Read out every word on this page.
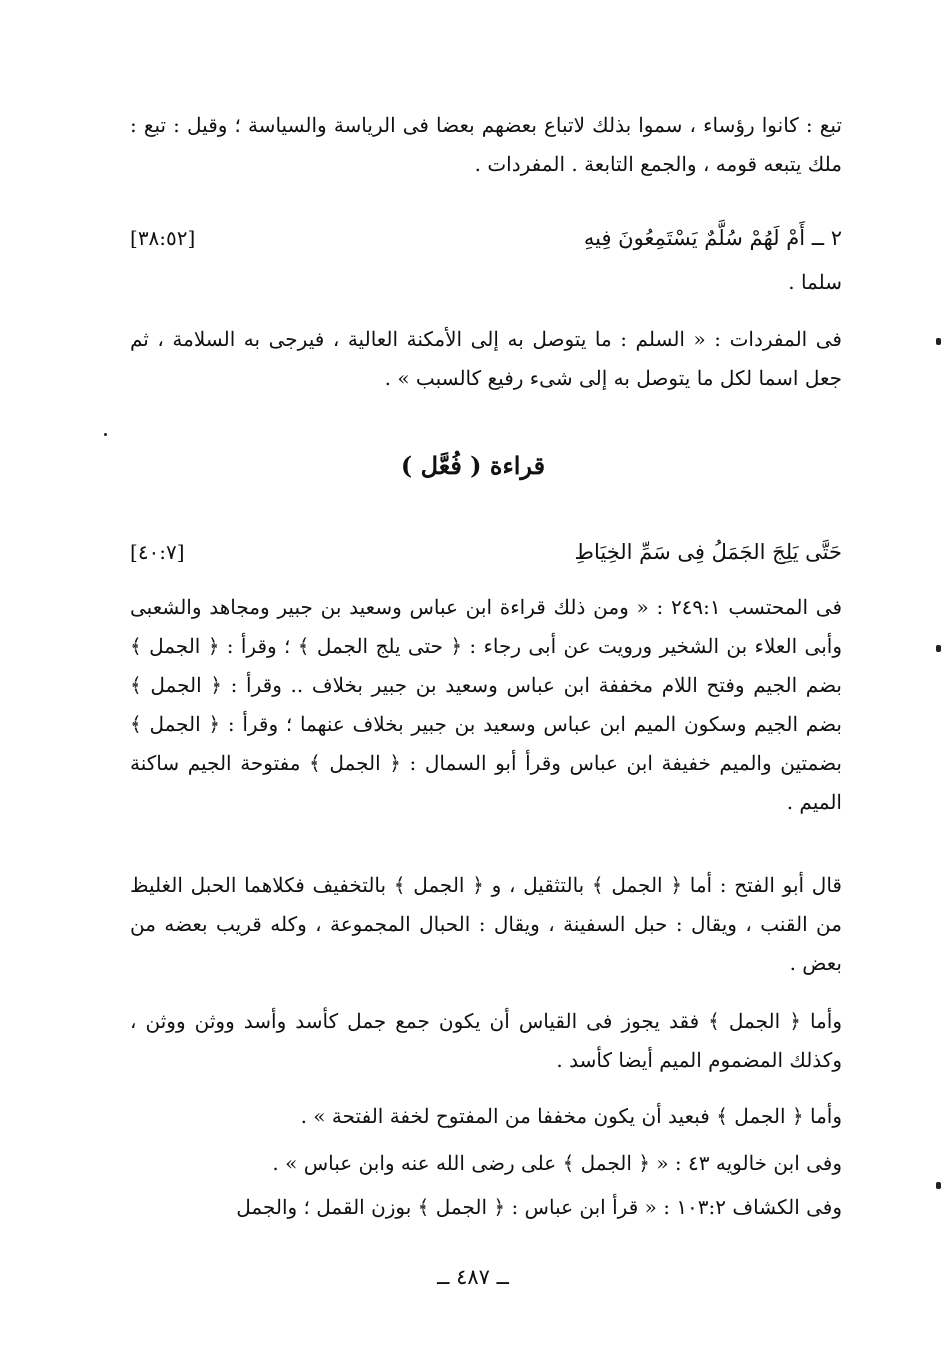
تبع : كانوا رؤساء ، سموا بذلك لاتباع بعضهم بعضا فى الرياسة والسياسة ؛ وقيل : تبع : ملك يتبعه قومه ، والجمع التابعة . المفردات .
٢ ــ أَمْ لَهُمْ سُلَّمٌ يَسْتَمِعُونَ فِيهِ
[٣٨:٥٢]
سلما .
فى المفردات : « السلم : ما يتوصل به إلى الأمكنة العالية ، فيرجى به السلامة ، ثم جعل اسما لكل ما يتوصل به إلى شىء رفيع كالسبب » .
قراءة ( فُعَّل )
حَتَّى يَلِجَ الجَمَلُ فِى سَمِّ الخِيَاطِ
[٤٠:٧]
فى المحتسب ٢٤٩:١ : « ومن ذلك قراءة ابن عباس وسعيد بن جبير ومجاهد والشعبى وأبى العلاء بن الشخير ورويت عن أبى رجاء : ﴿ حتى يلج الجمل ﴾ ؛ وقرأ : ﴿ الجمل ﴾ بضم الجيم وفتح اللام مخففة ابن عباس وسعيد بن جبير بخلاف .. وقرأ : ﴿ الجمل ﴾ بضم الجيم وسكون الميم ابن عباس وسعيد بن جبير بخلاف عنهما ؛ وقرأ : ﴿ الجمل ﴾ بضمتين والميم خفيفة ابن عباس وقرأ أبو السمال : ﴿ الجمل ﴾ مفتوحة الجيم ساكنة الميم .
قال أبو الفتح : أما ﴿ الجمل ﴾ بالتثقيل ، و ﴿ الجمل ﴾ بالتخفيف فكلاهما الحبل الغليظ من القنب ، ويقال : حبل السفينة ، ويقال : الحبال المجموعة ، وكله قريب بعضه من بعض .
وأما ﴿ الجمل ﴾ فقد يجوز فى القياس أن يكون جمع جمل كأسد وأسد ووثن ووثن ، وكذلك المضموم الميم أيضا كأسد .
وأما ﴿ الجمل ﴾ فبعيد أن يكون مخففا من المفتوح لخفة الفتحة » .
وفى ابن خالويه ٤٣ : « ﴿ الجمل ﴾ على رضى الله عنه وابن عباس » .
وفى الكشاف ١٠٣:٢ : « قرأ ابن عباس : ﴿ الجمل ﴾ بوزن القمل ؛ والجمل
ــ ٤٨٧ ــ
